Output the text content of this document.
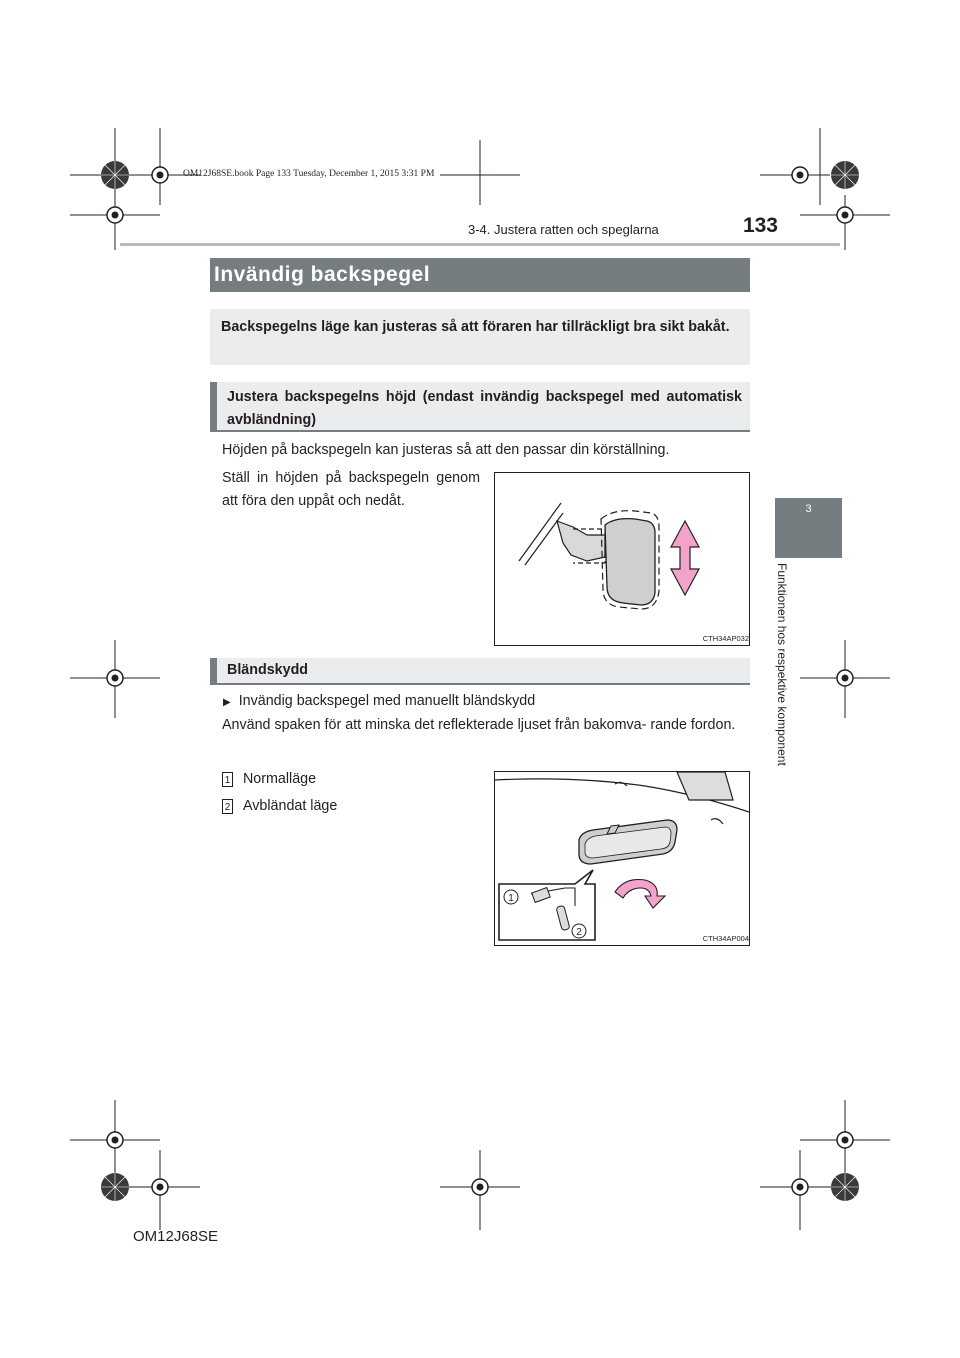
OM12J68SE.book Page 133 Tuesday, December 1, 2015 3:31 PM
3-4. Justera ratten och speglarna	133
3
Funktionen hos respektive komponent
Invändig backspegel
Backspegelns läge kan justeras så att föraren har tillräckligt bra sikt bakåt.
Justera backspegelns höjd (endast invändig backspegel med automatisk avbländning)
Höjden på backspegeln kan justeras så att den passar din körställning.
Ställ in höjden på backspegeln genom att föra den uppåt och nedåt.
CTH34AP032
Bländskydd
▶ Invändig backspegel med manuellt bländskydd
Använd spaken för att minska det reflekterade ljuset från bakomva- rande fordon.
1 Normalläge
2 Avbländat läge
1
2
CTH34AP004
OM12J68SE
